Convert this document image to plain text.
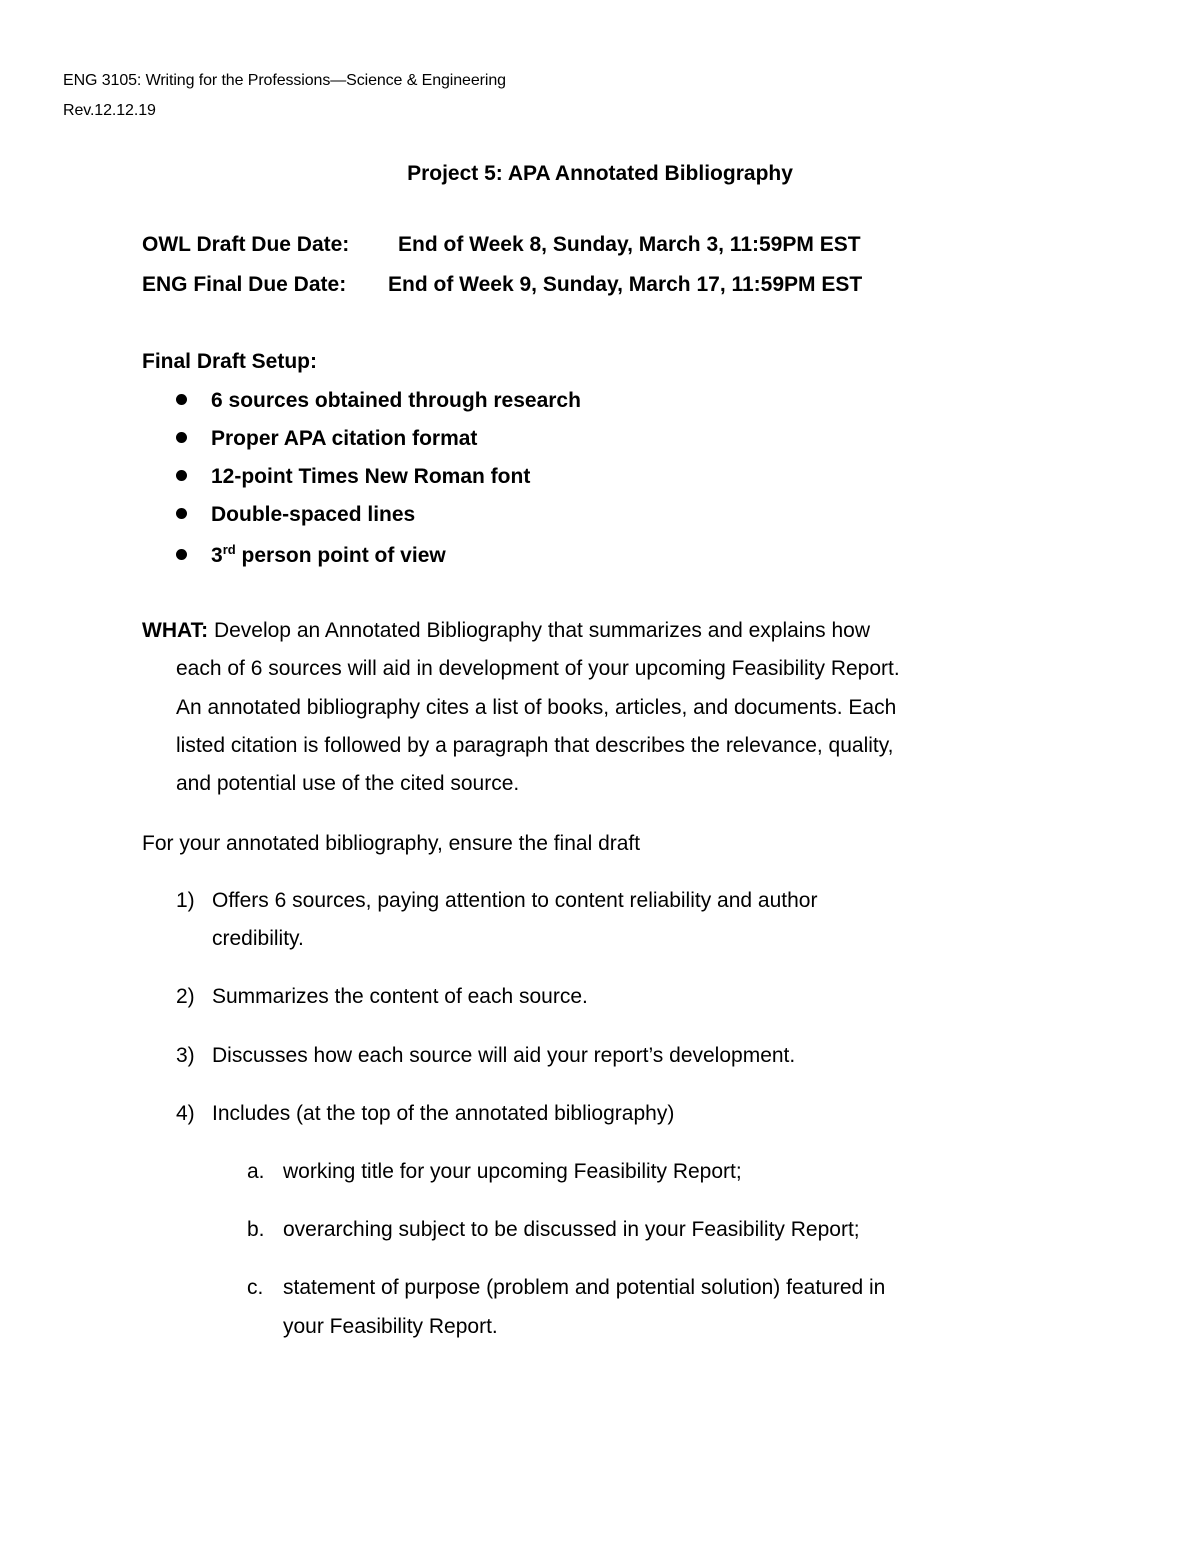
ENG 3105: Writing for the Professions—Science & Engineering
Rev.12.12.19
Project 5: APA Annotated Bibliography
OWL Draft Due Date: End of Week 8, Sunday, March 3, 11:59PM EST
ENG Final Due Date: End of Week 9, Sunday, March 17, 11:59PM EST
Final Draft Setup:
6 sources obtained through research
Proper APA citation format
12-point Times New Roman font
Double-spaced lines
3rd person point of view
WHAT: Develop an Annotated Bibliography that summarizes and explains how
each of 6 sources will aid in development of your upcoming Feasibility Report.
An annotated bibliography cites a list of books, articles, and documents. Each
listed citation is followed by a paragraph that describes the relevance, quality,
and potential use of the cited source.
For your annotated bibliography, ensure the final draft
1) Offers 6 sources, paying attention to content reliability and author
credibility.
2) Summarizes the content of each source.
3) Discusses how each source will aid your report’s development.
4) Includes (at the top of the annotated bibliography)
a. working title for your upcoming Feasibility Report;
b. overarching subject to be discussed in your Feasibility Report;
c. statement of purpose (problem and potential solution) featured in
your Feasibility Report.
